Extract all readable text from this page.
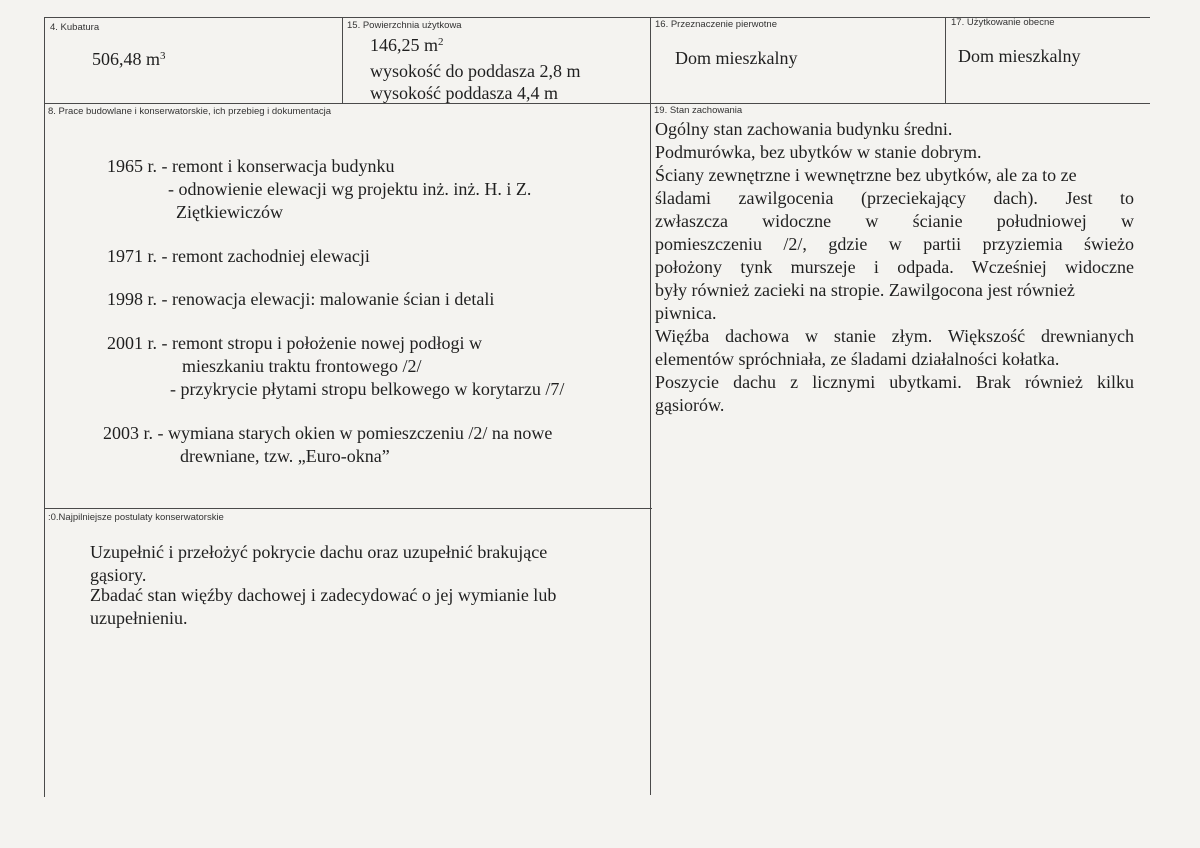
4. Kubatura
506,48 $m^3$
15. Powierzchnia użytkowa
146,25 $m^2$
wysokość do poddasza 2,8 m
wysokość poddasza 4,4 m
16. Przeznaczenie pierwotne
Dom mieszkalny
17. Użytkowanie obecne
Dom mieszkalny
8. Prace budowlane i konserwatorskie, ich przebieg i dokumentacja
1965 r. - remont i konserwacja budynku
- odnowienie elewacji wg projektu inż. inż. H. i Z.
Ziętkiewiczów
1971 r. - remont zachodniej elewacji
1998 r. - renowacja elewacji: malowanie ścian i detali
2001 r. - remont stropu i położenie nowej podłogi w
mieszkaniu traktu frontowego /2/
- przykrycie płytami stropu belkowego w korytarzu /7/
2003 r. - wymiana starych okien w pomieszczeniu /2/ na nowe
drewniane, tzw. „Euro-okna”
19. Stan zachowania
Ogólny stan zachowania budynku średni.
Podmurówka, bez ubytków w stanie dobrym.
Ściany zewnętrzne i wewnętrzne bez ubytków, ale za to ze
śladami zawilgocenia (przeciekający dach). Jest to
zwłaszcza widoczne w ścianie południowej w
pomieszczeniu /2/, gdzie w partii przyziemia świeżo
położony tynk murszeje i odpada. Wcześniej widoczne
były również zacieki na stropie. Zawilgocona jest również
piwnica.
Więźba dachowa w stanie złym. Większość drewnianych
elementów spróchniała, ze śladami działalności kołatka.
Poszycie dachu z licznymi ubytkami. Brak również kilku
gąsiorów.
:0.Najpilniejsze postulaty konserwatorskie
Uzupełnić i przełożyć pokrycie dachu oraz uzupełnić brakujące
gąsiory.
Zbadać stan więźby dachowej i zadecydować o jej wymianie lub
uzupełnieniu.
